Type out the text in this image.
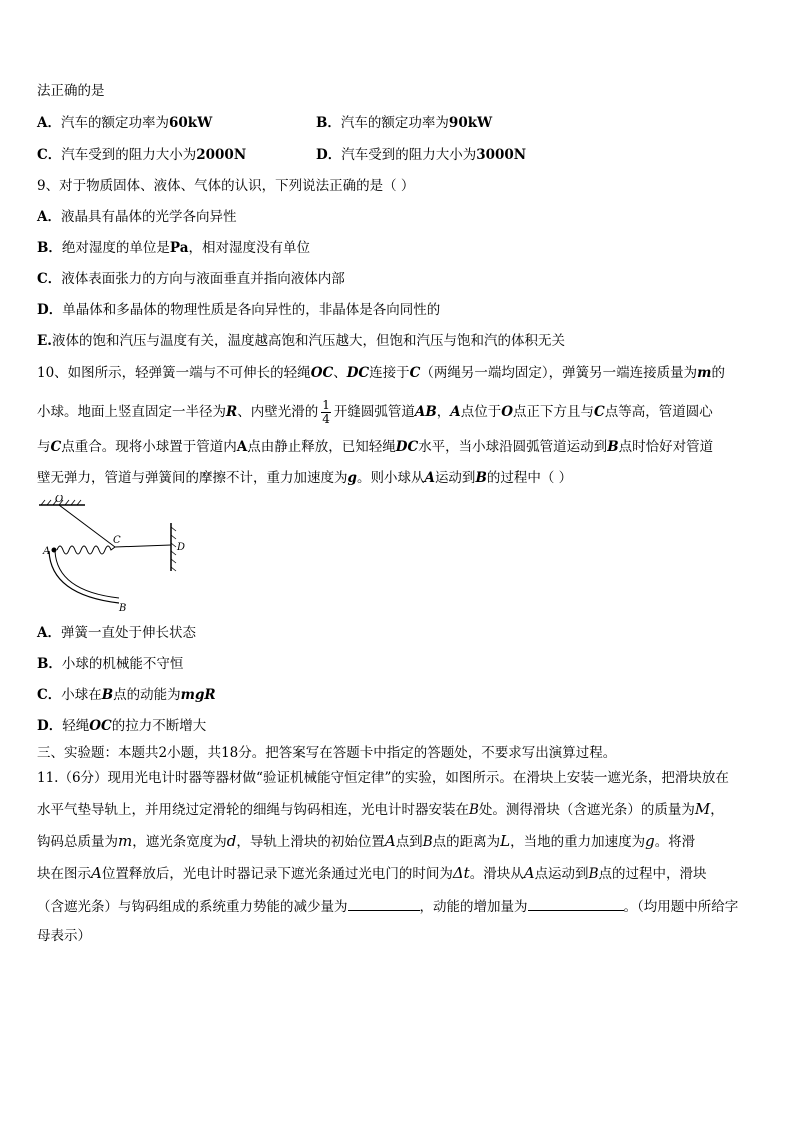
法正确的是
A．汽车的额定功率为60kW	B．汽车的额定功率为90kW
C．汽车受到的阻力大小为2000N	D．汽车受到的阻力大小为3000N
9、对于物质固体、液体、气体的认识，下列说法正确的是（ ）
A．液晶具有晶体的光学各向异性
B．绝对湿度的单位是Pa，相对湿度没有单位
C．液体表面张力的方向与液面垂直并指向液体内部
D．单晶体和多晶体的物理性质是各向异性的，非晶体是各向同性的
E.液体的饱和汽压与温度有关，温度越高饱和汽压越大，但饱和汽压与饱和汽的体积无关
10、如图所示，轻弹簧一端与不可伸长的轻绳OC、DC连接于C（两绳另一端均固定），弹簧另一端连接质量为m的
小球。地面上竖直固定一半径为R、内壁光滑的 $\frac{1}{4}$ 开缝圆弧管道AB，A点位于O点正下方且与C点等高，管道圆心
与C点重合。现将小球置于管道内A点由静止释放，已知轻绳DC水平，当小球沿圆弧管道运动到B点时恰好对管道
壁无弹力，管道与弹簧间的摩擦不计，重力加速度为g。则小球从A运动到B的过程中（ ）
O
D
C
A
B
A．弹簧一直处于伸长状态
B．小球的机械能不守恒
C．小球在B点的动能为mgR
D．轻绳OC的拉力不断增大
三、实验题：本题共2小题，共18分。把答案写在答题卡中指定的答题处，不要求写出演算过程。
11.（6分）现用光电计时器等器材做“验证机械能守恒定律”的实验，如图所示。在滑块上安装一遮光条，把滑块放在
水平气垫导轨上，并用绕过定滑轮的细绳与钩码相连，光电计时器安装在B处。测得滑块（含遮光条）的质量为M，
钩码总质量为m，遮光条宽度为d，导轨上滑块的初始位置A点到B点的距离为L，当地的重力加速度为g。将滑
块在图示A位置释放后，光电计时器记录下遮光条通过光电门的时间为Δt。滑块从A点运动到B点的过程中，滑块
（含遮光条）与钩码组成的系统重力势能的减少量为	，动能的增加量为	。（均用题中所给字
母表示）
